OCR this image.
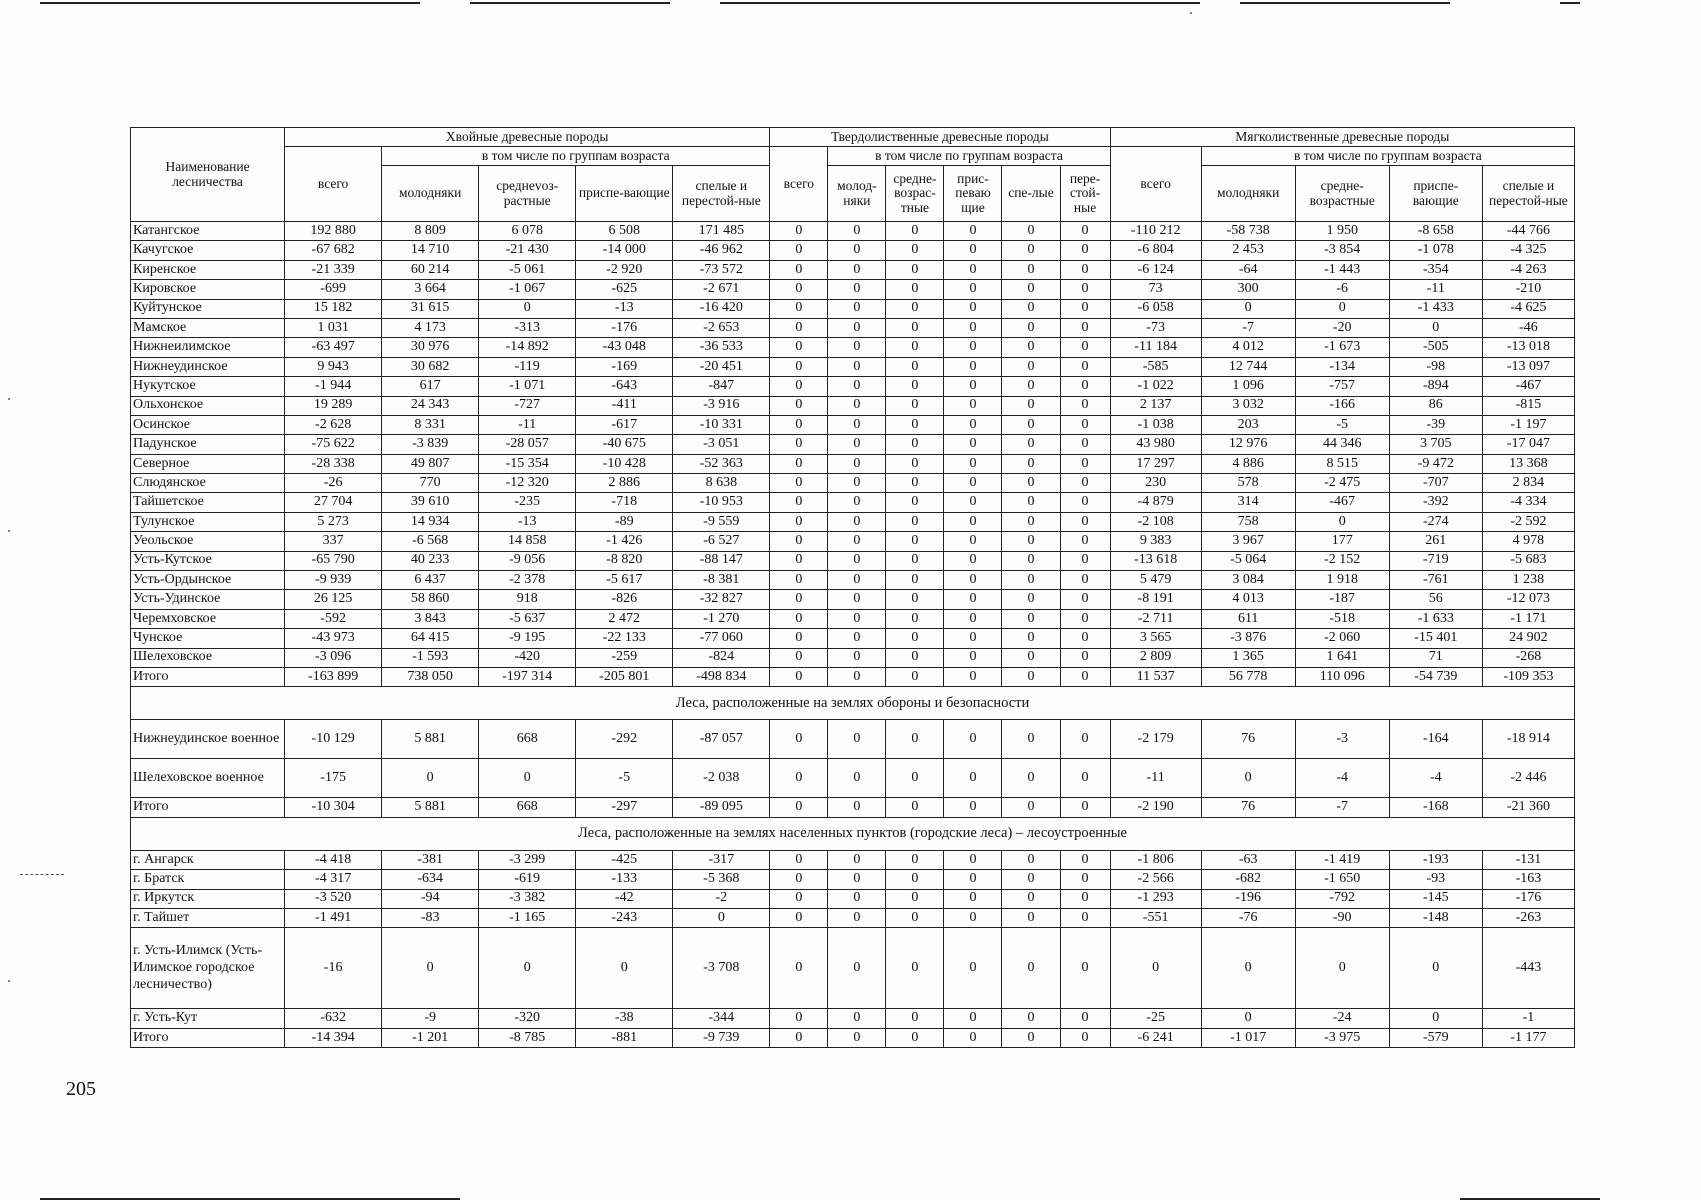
Наименование лесничества	Хвойные древесные породы					Твердолиственные древесные породы						Мягколиственные древесные породы				
	всего	в том числе по группам возраста				всего	в том числе по группам возраста					всего	в том числе по группам возраста			
		молодняки	среднevоз-растные	приспе-вающие	спелые и перестой-ные		молод-няки	средне-возрас-тные	прис-певаю щие	спе-лые	пере-стой-ные		молодняки	средне-возрастные	приспе-вающие	спелые и перестой-ные
Катангское	192 880	8 809	6 078	6 508	171 485	0	0	0	0	0	0	-110 212	-58 738	1 950	-8 658	-44 766
Качугское	-67 682	14 710	-21 430	-14 000	-46 962	0	0	0	0	0	0	-6 804	2 453	-3 854	-1 078	-4 325
Киренское	-21 339	60 214	-5 061	-2 920	-73 572	0	0	0	0	0	0	-6 124	-64	-1 443	-354	-4 263
Кировское	-699	3 664	-1 067	-625	-2 671	0	0	0	0	0	0	73	300	-6	-11	-210
Куйтунское	15 182	31 615	0	-13	-16 420	0	0	0	0	0	0	-6 058	0	0	-1 433	-4 625
Мамское	1 031	4 173	-313	-176	-2 653	0	0	0	0	0	0	-73	-7	-20	0	-46
Нижнеилимское	-63 497	30 976	-14 892	-43 048	-36 533	0	0	0	0	0	0	-11 184	4 012	-1 673	-505	-13 018
Нижнеудинское	9 943	30 682	-119	-169	-20 451	0	0	0	0	0	0	-585	12 744	-134	-98	-13 097
Нукутское	-1 944	617	-1 071	-643	-847	0	0	0	0	0	0	-1 022	1 096	-757	-894	-467
Ольхонское	19 289	24 343	-727	-411	-3 916	0	0	0	0	0	0	2 137	3 032	-166	86	-815
Осинское	-2 628	8 331	-11	-617	-10 331	0	0	0	0	0	0	-1 038	203	-5	-39	-1 197
Падунское	-75 622	-3 839	-28 057	-40 675	-3 051	0	0	0	0	0	0	43 980	12 976	44 346	3 705	-17 047
Северное	-28 338	49 807	-15 354	-10 428	-52 363	0	0	0	0	0	0	17 297	4 886	8 515	-9 472	13 368
Слюдянское	-26	770	-12 320	2 886	8 638	0	0	0	0	0	0	230	578	-2 475	-707	2 834
Тайшетское	27 704	39 610	-235	-718	-10 953	0	0	0	0	0	0	-4 879	314	-467	-392	-4 334
Тулунское	5 273	14 934	-13	-89	-9 559	0	0	0	0	0	0	-2 108	758	0	-274	-2 592
Уеольское	337	-6 568	14 858	-1 426	-6 527	0	0	0	0	0	0	9 383	3 967	177	261	4 978
Усть-Кутское	-65 790	40 233	-9 056	-8 820	-88 147	0	0	0	0	0	0	-13 618	-5 064	-2 152	-719	-5 683
Усть-Ордынское	-9 939	6 437	-2 378	-5 617	-8 381	0	0	0	0	0	0	5 479	3 084	1 918	-761	1 238
Усть-Удинское	26 125	58 860	918	-826	-32 827	0	0	0	0	0	0	-8 191	4 013	-187	56	-12 073
Черемховское	-592	3 843	-5 637	2 472	-1 270	0	0	0	0	0	0	-2 711	611	-518	-1 633	-1 171
Чунское	-43 973	64 415	-9 195	-22 133	-77 060	0	0	0	0	0	0	3 565	-3 876	-2 060	-15 401	24 902
Шелеховское	-3 096	-1 593	-420	-259	-824	0	0	0	0	0	0	2 809	1 365	1 641	71	-268
Итого	-163 899	738 050	-197 314	-205 801	-498 834	0	0	0	0	0	0	11 537	56 778	110 096	-54 739	-109 353
Леса, расположенные на землях обороны и безопасности																
Нижнеудинское военное	-10 129	5 881	668	-292	-87 057	0	0	0	0	0	0	-2 179	76	-3	-164	-18 914
Шелеховское военное	-175	0	0	-5	-2 038	0	0	0	0	0	0	-11	0	-4	-4	-2 446
Итого	-10 304	5 881	668	-297	-89 095	0	0	0	0	0	0	-2 190	76	-7	-168	-21 360
Леса, расположенные на землях населенных пунктов (городские леса) – лесоустроенные																
г. Ангарск	-4 418	-381	-3 299	-425	-317	0	0	0	0	0	0	-1 806	-63	-1 419	-193	-131
г. Братск	-4 317	-634	-619	-133	-5 368	0	0	0	0	0	0	-2 566	-682	-1 650	-93	-163
г. Иркутск	-3 520	-94	-3 382	-42	-2	0	0	0	0	0	0	-1 293	-196	-792	-145	-176
г. Тайшет	-1 491	-83	-1 165	-243	0	0	0	0	0	0	0	-551	-76	-90	-148	-263
г. Усть-Илимск (Усть-Илимское городское лесничество)	-16	0	0	0	-3 708	0	0	0	0	0	0	0	0	0	0	-443
г. Усть-Кут	-632	-9	-320	-38	-344	0	0	0	0	0	0	-25	0	-24	0	-1
Итого	-14 394	-1 201	-8 785	-881	-9 739	0	0	0	0	0	0	-6 241	-1 017	-3 975	-579	-1 177
205
